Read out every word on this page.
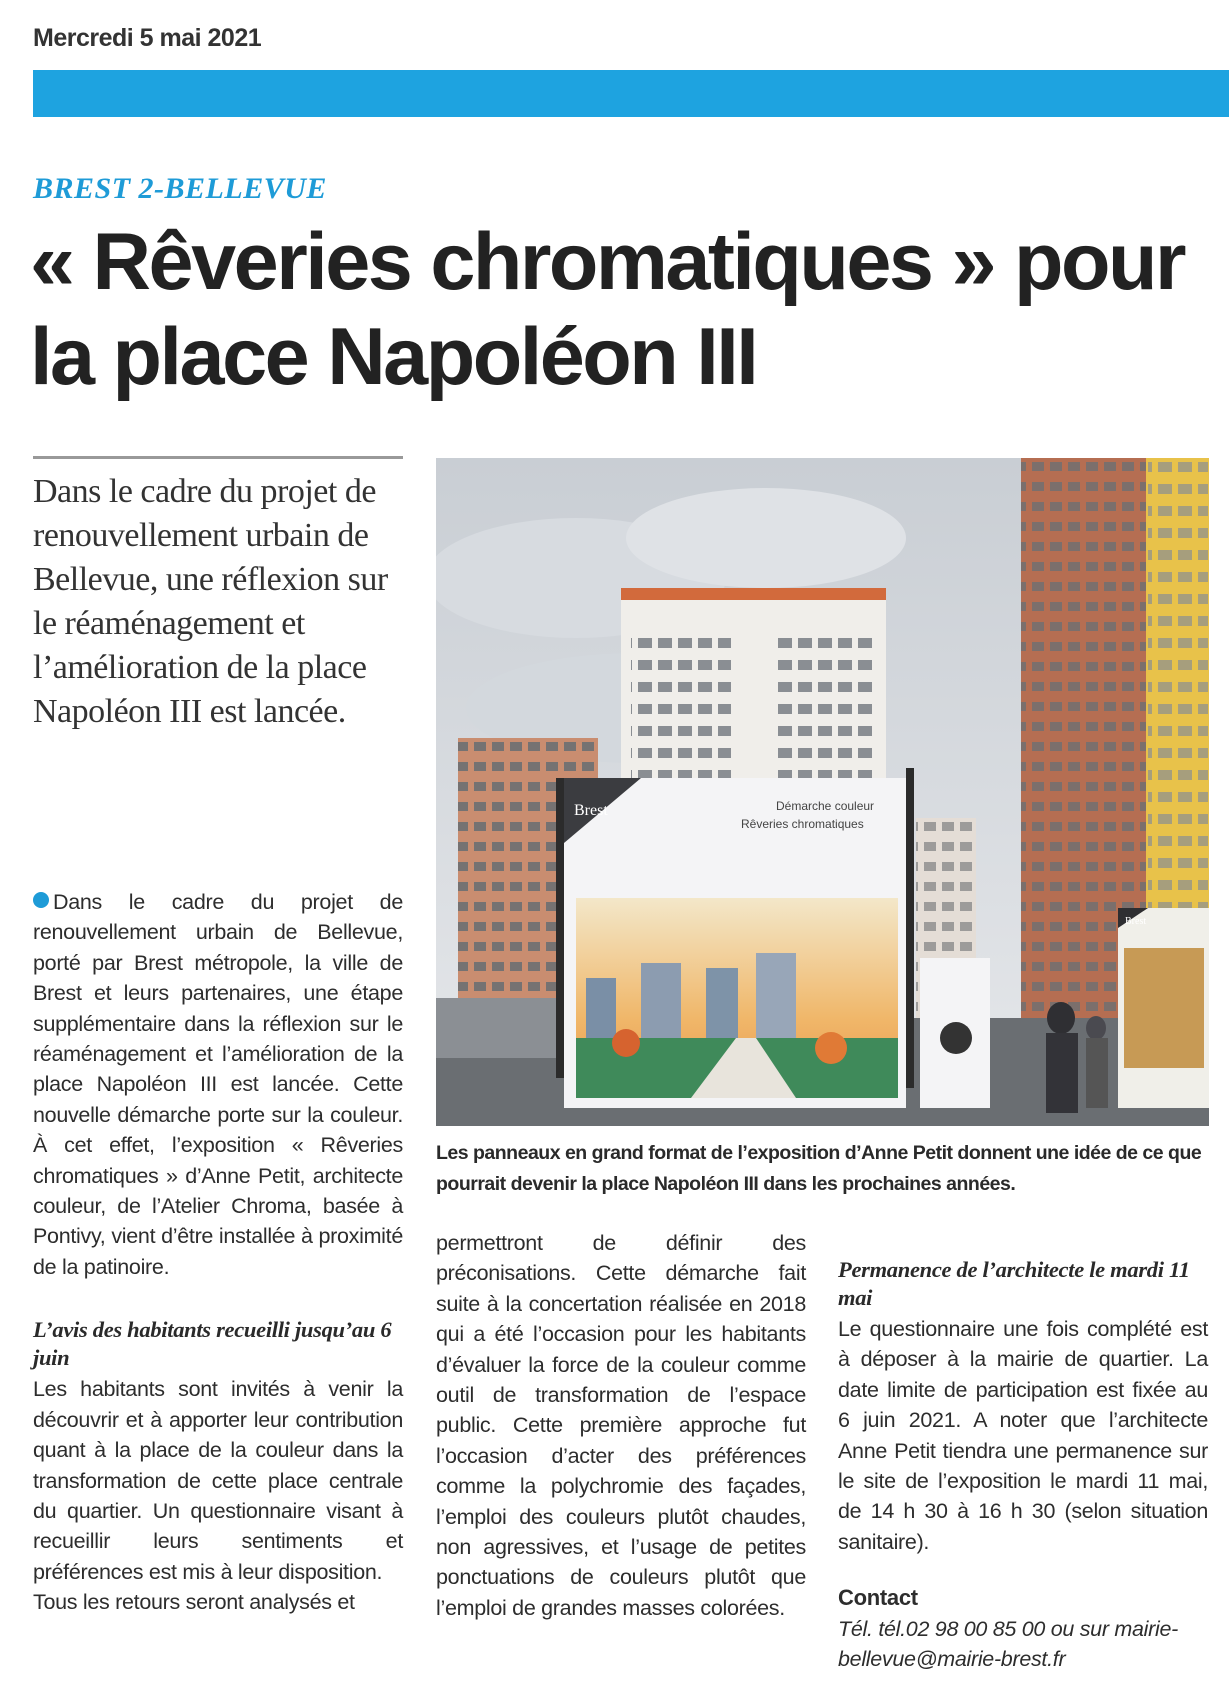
Mercredi 5 mai 2021
BREST 2-BELLEVUE
« Rêveries chromatiques » pour la place Napoléon III
Dans le cadre du projet de renouvellement urbain de Bellevue, une réflexion sur le réaménagement et l’amélioration de la place Napoléon III est lancée.

Dans le cadre du projet de renouvellement urbain de Bellevue, porté par Brest métropole, la ville de Brest et leurs partenaires, une étape supplémentaire dans la réflexion sur le réaménagement et l’amélioration de la place Napoléon III est lancée. Cette nouvelle démarche porte sur la couleur. À cet effet, l’exposition « Rêveries chromatiques » d’Anne Petit, architecte couleur, de l’Atelier Chroma, basée à Pontivy, vient d’être installée à proximité de la patinoire.

L’avis des habitants recueilli jusqu’au 6 juin

Les habitants sont invités à venir la découvrir et à apporter leur contribution quant à la place de la couleur dans la transformation de cette place centrale du quartier. Un questionnaire visant à recueillir leurs sentiments et préférences est mis à leur disposition.

Tous les retours seront analysés et

permettront de définir des préconisations. Cette démarche fait suite à la concertation réalisée en 2018 qui a été l’occasion pour les habitants d’évaluer la force de la couleur comme outil de transformation de l’espace public. Cette première approche fut l’occasion d’acter des préférences comme la polychromie des façades, l’emploi des couleurs plutôt chaudes, non agressives, et l’usage de petites ponctuations de couleurs plutôt que l’emploi de grandes masses colorées.

Permanence de l’architecte le mardi 11 mai

Le questionnaire une fois complété est à déposer à la mairie de quartier. La date limite de participation est fixée au 6 juin 2021. A noter que l’architecte Anne Petit tiendra une permanence sur le site de l’exposition le mardi 11 mai, de 14 h 30 à 16 h 30 (selon situation sanitaire).

Contact

Tél. tél.02 98 00 85 00 ou sur mairie-bellevue@mairie-brest.fr

Brest	Démarche couleur
Rêveries chromatiques
Brest
Les panneaux en grand format de l’exposition d’Anne Petit donnent une idée de ce que pourrait devenir la place Napoléon III dans les prochaines années.
